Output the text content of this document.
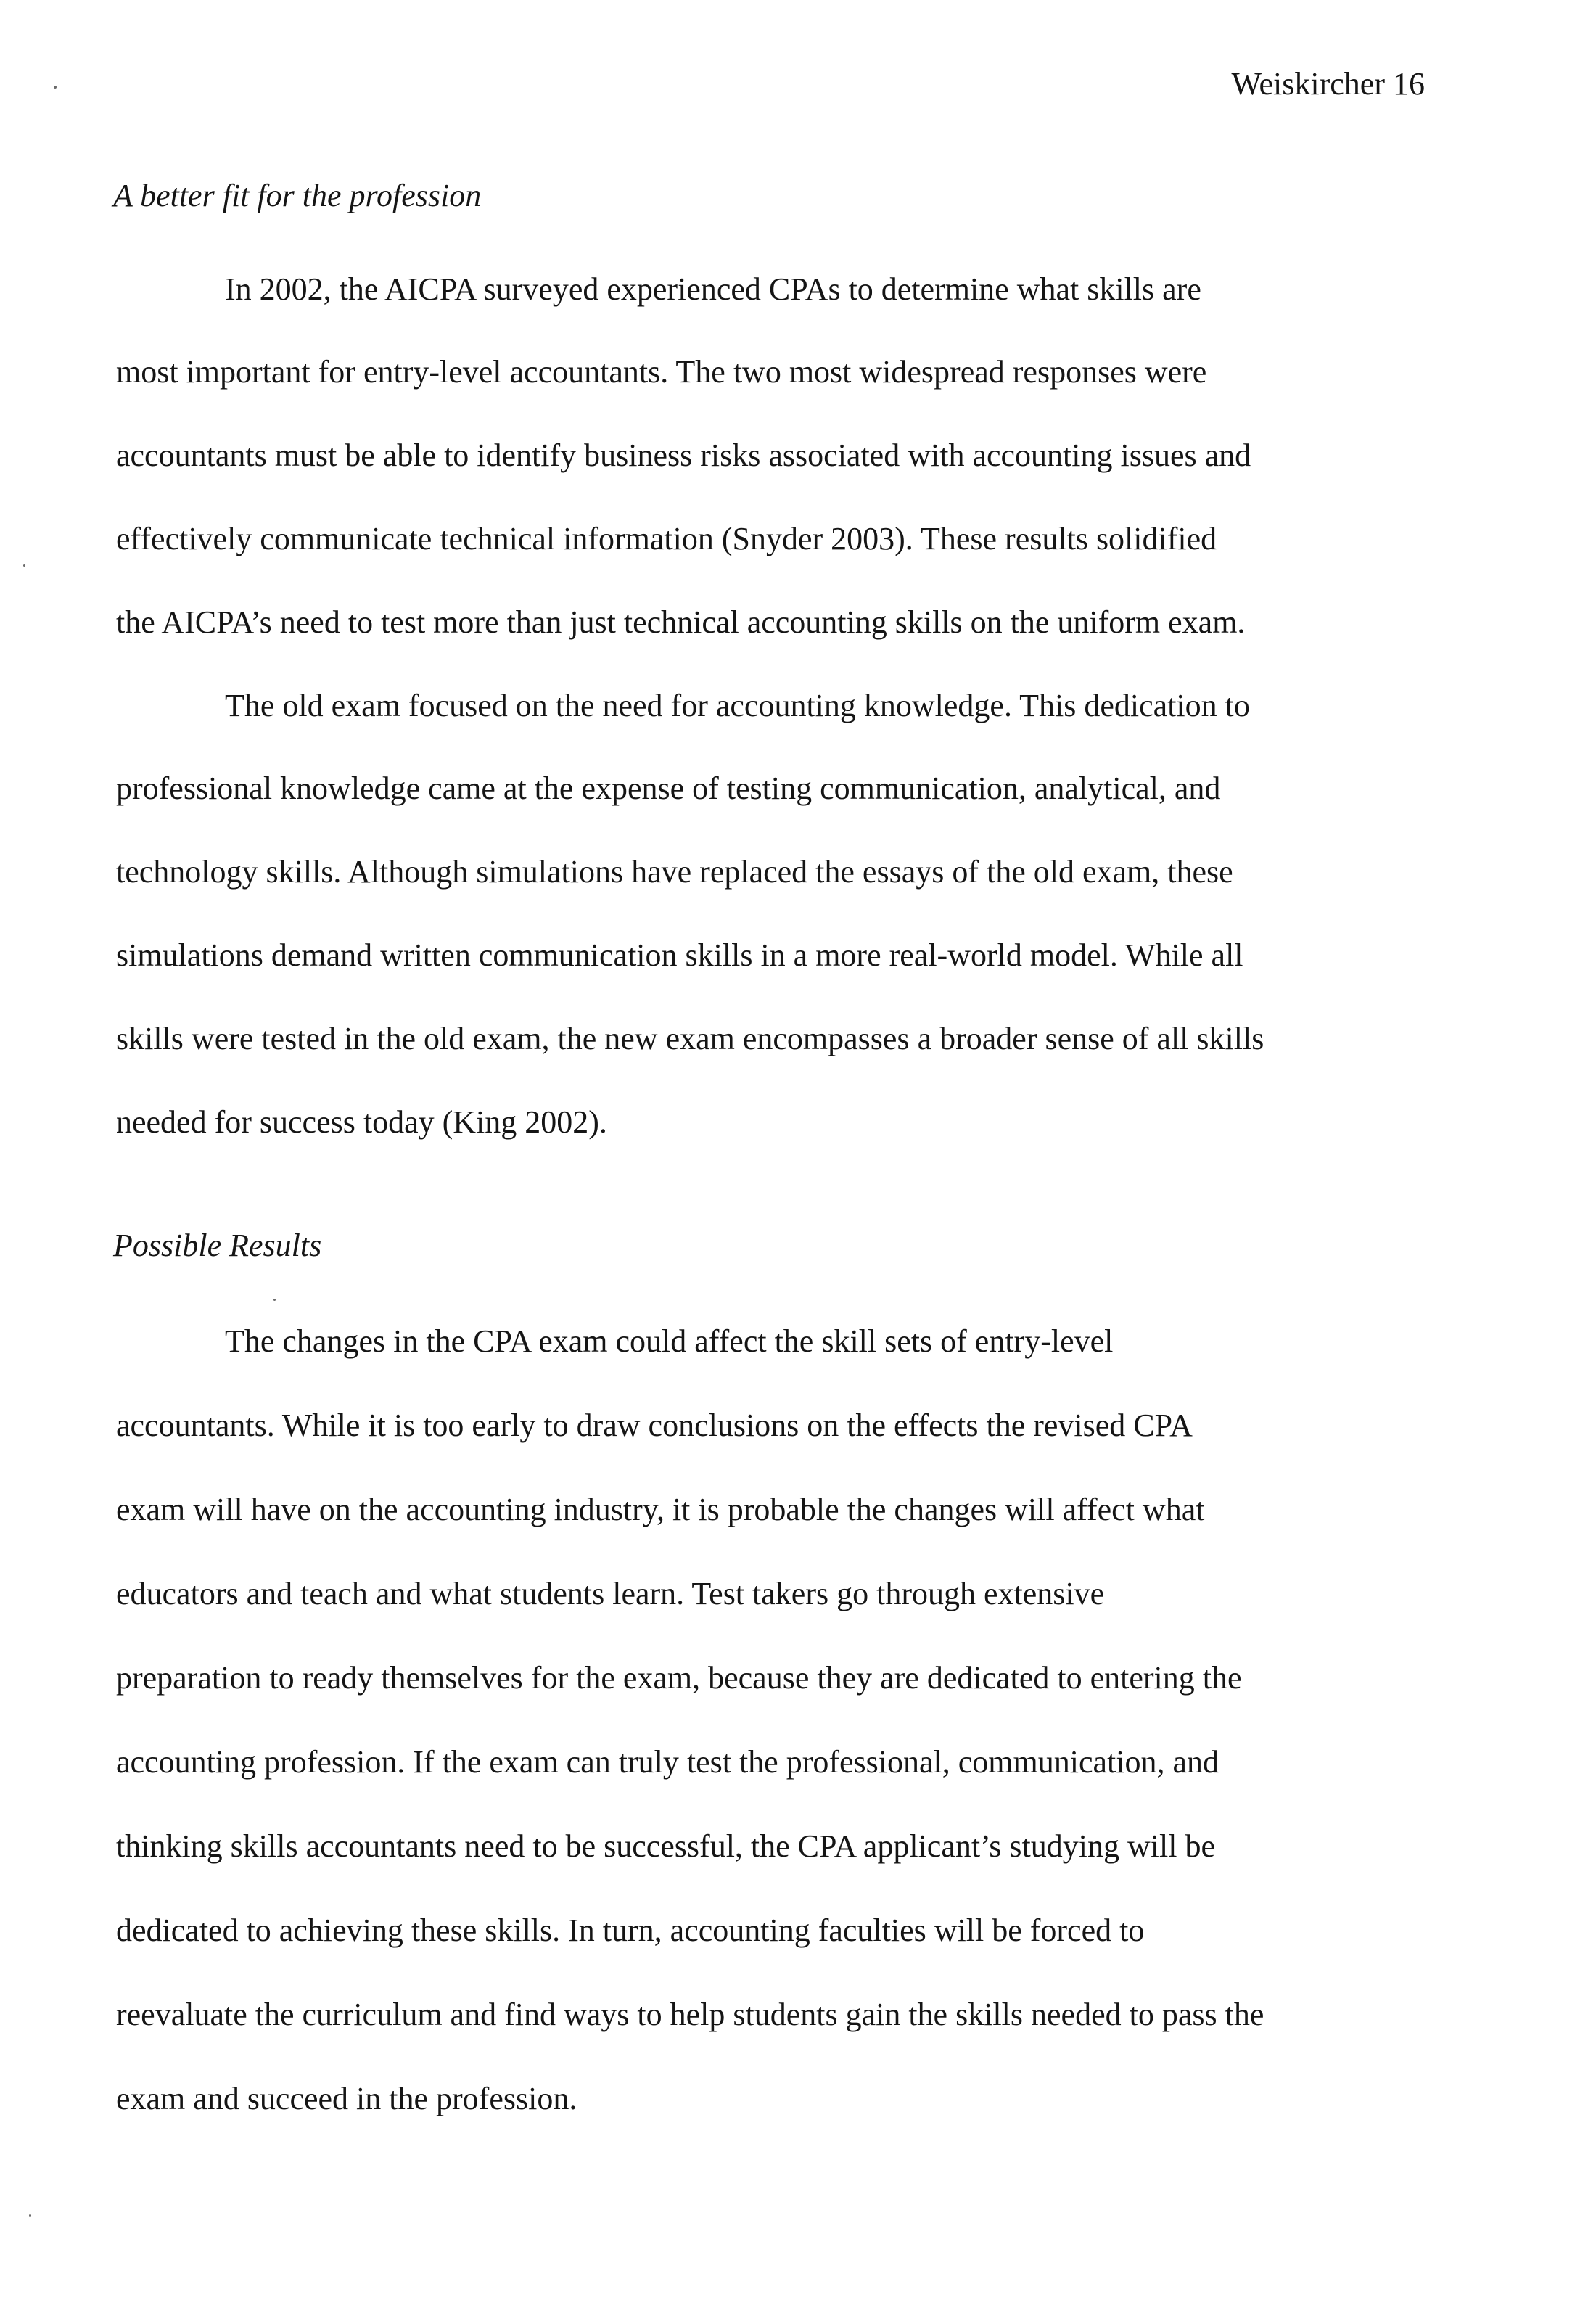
Weiskircher 16
A better fit for the profession
In 2002, the AICPA surveyed experienced CPAs to determine what skills are
most important for entry-level accountants. The two most widespread responses were
accountants must be able to identify business risks associated with accounting issues and
effectively communicate technical information (Snyder 2003). These results solidified
the AICPA’s need to test more than just technical accounting skills on the uniform exam.
The old exam focused on the need for accounting knowledge. This dedication to
professional knowledge came at the expense of testing communication, analytical, and
technology skills. Although simulations have replaced the essays of the old exam, these
simulations demand written communication skills in a more real-world model. While all
skills were tested in the old exam, the new exam encompasses a broader sense of all skills
needed for success today (King 2002).
Possible Results
The changes in the CPA exam could affect the skill sets of entry-level
accountants. While it is too early to draw conclusions on the effects the revised CPA
exam will have on the accounting industry, it is probable the changes will affect what
educators and teach and what students learn. Test takers go through extensive
preparation to ready themselves for the exam, because they are dedicated to entering the
accounting profession. If the exam can truly test the professional, communication, and
thinking skills accountants need to be successful, the CPA applicant’s studying will be
dedicated to achieving these skills. In turn, accounting faculties will be forced to
reevaluate the curriculum and find ways to help students gain the skills needed to pass the
exam and succeed in the profession.
